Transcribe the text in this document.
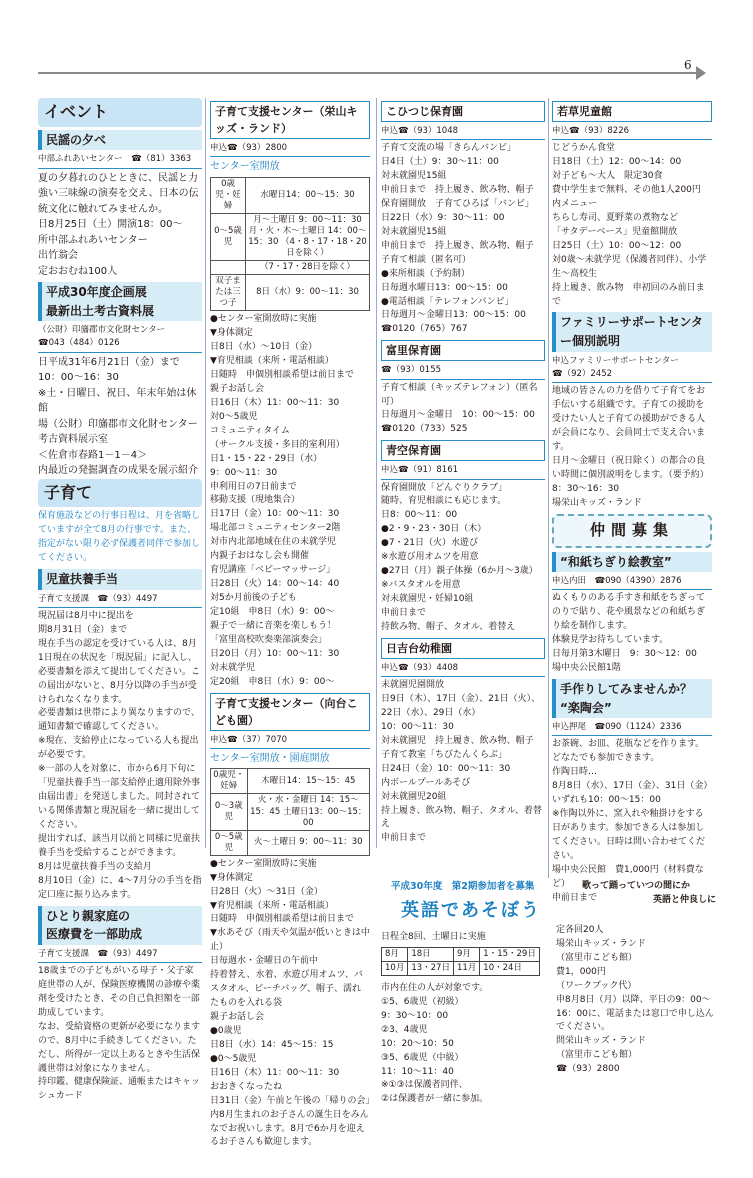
6
イベント
民謡の夕べ
中部ふれあいセンター　☎（81）3363
夏の夕暮れのひとときに、民謡と力強い三味線の演奏を交え、日本の伝統文化に触れてみませんか。
日8月25日（土）開演18：00～
所中部ふれあいセンター
出竹翁会
定おおむね100人
平成30年度企画展
最新出土考古資料展
（公財）印旛郡市文化財センター
☎043（484）0126
日平成31年6月21日（金）まで
10：00～16：30
※土・日曜日、祝日、年末年始は休館
場（公財）印旛郡市文化財センター
考古資料展示室
＜佐倉市春路1－1－4＞
内最近の発掘調査の成果を展示紹介
子育て
保育施設などの行事日程は、月を省略していますが全て8月の行事です。また、指定がない限り必ず保護者同伴で参加してください。
児童扶養手当
子育て支援課　☎（93）4497
現況届は8月中に提出を
期8月31日（金）まで
現在手当の認定を受けている人は、8月1日現在の状況を「現況届」に記入し、必要書類を添えて提出してください。この届出がないと、8月分以降の手当が受けられなくなります。
必要書類は世帯により異なりますので、通知書類で確認してください。
※現在、支給停止になっている人も提出が必要です。
※一部の人を対象に、市から6月下旬に「児童扶養手当一部支給停止適用除外事由届出書」を発送しました。同封されている関係書類と現況届を一緒に提出してください。
提出すれば、該当月以前と同様に児童扶養手当を受給することができます。
8月は児童扶養手当の支給月
8月10日（金）に、4～7月分の手当を指定口座に振り込みます。
ひとり親家庭の
医療費を一部助成
子育て支援課　☎（93）4497
18歳までの子どもがいる母子・父子家庭世帯の人が、保険医療機関の診療や薬剤を受けたとき、その自己負担額を一部助成しています。
なお、受給資格の更新が必要になりますので、8月中に手続きしてください。ただし、所得が一定以上あるときや生活保護世帯は対象になりません。
持印鑑、健康保険証、通帳またはキャッシュカード
子育て支援センター（栄山キッズ・ランド）
申込☎（93）2800
センター室開放
0歳児・妊婦	水曜日14：00～15：30
0～5歳児	月～土曜日 9：00～11：30 月・火・木～土曜日 14：00～15：30 （4・8・17・18・20日を除く）
	（7・17・28日を除く）
双子または三つ子	8日（水）9：00～11：30
●センター室開放時に実施
▼身体測定
日8日（水）～10日（金）
▼育児相談（来所・電話相談）
日随時　申個別相談希望は前日まで
親子お話し会
日16日（木）11：00～11：30
対0～5歳児
コミュニティタイム
（サークル支援・多目的室利用）
日1・15・22・29日（水）
9：00～11：30
申利用日の7日前まで
移動支援（現地集合）
日17日（金）10：00～11：30
場北部コミュニティセンター2階
対市内北部地域在住の未就学児
内親子おはなし会も開催
育児講座「ベビーマッサージ」
日28日（火）14：00～14：40
対5か月前後の子ども
定10組　申8日（水）9：00～
親子で一緒に音楽を楽しもう！
「富里高校吹奏楽部演奏会」
日20日（月）10：00～11：30
対未就学児
定20組　申8日（水）9：00～
子育て支援センター（向台こども園）
申込☎（37）7070
センター室開放・園庭開放
0歳児・妊婦	木曜日14：15～15：45
0～3歳児	火・水・金曜日 14：15～15：45 土曜日13：00～15：00
0～5歳児	火～土曜日 9：00～11：30
●センター室開放時に実施
▼身体測定
日28日（火）～31日（金）
▼育児相談（来所・電話相談）
日随時　申個別相談希望は前日まで
▼水あそび（雨天や気温が低いときは中止）
日毎週水・金曜日の午前中
持着替え、水着、水遊び用オムツ、バスタオル、ビーチバッグ、帽子、濡れたものを入れる袋
親子お話し会
●0歳児
日8日（水）14：45～15：15
●0～5歳児
日16日（木）11：00～11：30
おおきくなったね
日31日（金）午前と午後の「帰りの会」
内8月生まれのお子さんの誕生日をみんなでお祝いします。8月で6か月を迎えるお子さんも歓迎します。
こひつじ保育園
申込☎（93）1048
子育て交流の場「きらんバンビ」
日4日（土）9：30～11：00
対未就園児15組
申前日まで　持上履き、飲み物、帽子
保育園開放　子育てひろば「バンビ」
日22日（水）9：30～11：00
対未就園児15組
申前日まで　持上履き、飲み物、帽子
子育て相談（匿名可）
●来所相談（予約制）
日毎週水曜日13：00～15：00
●電話相談「テレフォンバンビ」
日毎週月～金曜日13：00～15：00
☎0120（765）767
富里保育園
☎（93）0155
子育て相談（キッズテレフォン）（匿名可）
日毎週月～金曜日　10：00～15：00
☎0120（733）525
青空保育園
申込☎（91）8161
保育園開放「どんぐりクラブ」
随時、育児相談にも応じます。
日8：00～11：00
●2・9・23・30日（木）
●7・21日（火）水遊び
※水遊び用オムツを用意
●27日（月）親子体操（6か月～3歳）
※バスタオルを用意
対未就園児・妊婦10組
申前日まで
持飲み物、帽子、タオル、着替え
日吉台幼稚園
申込☎（93）4408
未就園児園開放
日9日（木）、17日（金）、21日（火）、22日（水）、29日（水）
10：00～11：30
対未就園児　持上履き、飲み物、帽子
子育て教室「ちびたんくらぶ」
日24日（金）10：00～11：30
内ボールプールあそび
対未就園児20組
持上履き、飲み物、帽子、タオル、着替え
申前日まで
若草児童館
申込☎（93）8226
じどうかん食堂
日18日（土）12：00～14：00
対子ども～大人　限定30食
費中学生まで無料、その他1人200円
内メニュー
ちらし寿司、夏野菜の煮物など
「サタデーベース」児童館開放
日25日（土）10：00～12：00
対0歳～未就学児（保護者同伴）、小学生～高校生
持上履き、飲み物　申初回のみ前日まで
ファミリーサポートセンター個別説明
申込ファミリーサポートセンター
☎（92）2452
地域の皆さんの力を借りて子育てをお手伝いする組織です。子育ての援助を受けたい人と子育ての援助ができる人が会員になり、会員同士で支え合います。
日月～金曜日（祝日除く）の都合の良い時間に個別説明をします。（要予約）
8：30～16：30
場栄山キッズ・ランド
仲間募集
“和紙ちぎり絵教室”
申込内田　☎090（4390）2876
ぬくもりのある手すき和紙をちぎってのりで貼り、花や風景などの和紙ちぎり絵を制作します。
体験見学お待ちしています。
日毎月第3木曜日　9：30～12：00
場中央公民館1階
手作りしてみませんか？
“楽陶会”
申込押尾　☎090（1124）2336
お茶碗、お皿、花瓶などを作ります。どなたでも参加できます。
作陶日時…
8月8日（水）、17日（金）、31日（金）いずれも10：00～15：00
※作陶以外に、窯入れや釉掛けをする日があります。参加できる人は参加してください。日時は問い合わせてください。
場中央公民館　費1,000円（材料費など）
申前日まで
平成30年度　第2期参加者を募集
英語であそぼう
日程全8回、土曜日に実施
8月	18日	9月	1・15・29日
10月	13・27日	11月	10・24日
市内在住の人が対象です。
①5、6歳児（初級）
9：30～10：00
②3、4歳児
10：20～10：50
③5、6歳児（中級）
11：10～11：40
※①③は保護者同伴、
②は保護者が一緒に参加。
歌って踊っていつの間にか
英語と仲良しに
定各回20人
場栄山キッズ・ランド
（富里市こども館）
費1，000円
（ワークブック代）
申8月8日（月）以降、平日の9：00～16：00に、電話または窓口で申し込んでください。
問栄山キッズ・ランド
（富里市こども館）
☎（93）2800
